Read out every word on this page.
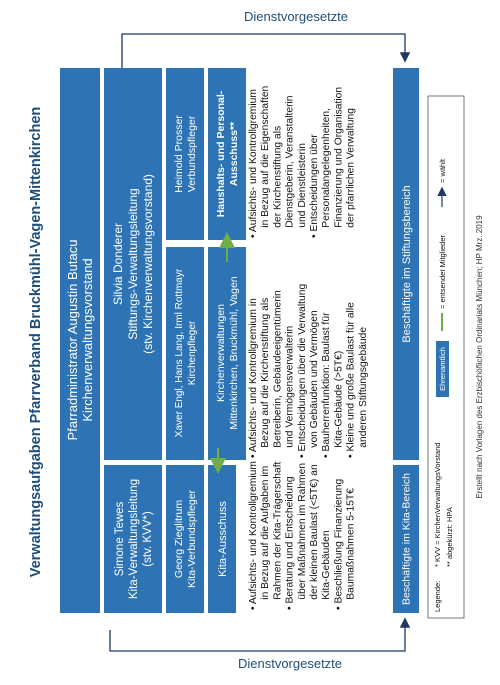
Verwaltungsaufgaben Pfarrverband Bruckmühl-Vagen-Mittenkirchen
Dienstvorgesetzte
Dienstvorgesetzte
Pfarradministrator Augustin ButacuKirchenverwaltungsvorstand
Simone Tewes Kita-Verwaltungsleitung (stv. KVV*)
Silvia DondererStiftungs-Verwaltungsleitung(stv. Kirchenverwaltungsvorstand)
Georg ZieglitrumKita-Verbundspfleger
Xaver Engl, Hans Lang, Irml Rottmayr Kirchenpfleger
Heimold ProsserVerbundspfleger
Kita-Ausschuss
KirchenverwaltungenMittenkirchen, Bruckmühl, Vagen
Haushalts- und Personal-Ausschuss**
• Aufsichts- und Kontrollgremium in Bezug auf die Aufgaben im Rahmen der Kita-Trägerschaft• Beratung und Entscheidung über Maßnahmen im Rahmen der kleinen Baulast (<5T€) an Kita-Gebäuden• Beschließung Finanzierung Baumaßnahmen 5-15T€
• Aufsichts- und Kontrollgremium in Bezug auf die Kirchenstiftung als Betreiberin, Gebäudeeigentümerin und Vermögensverwalterin• Entscheidungen über die Verwaltung von Gebäuden und Vermögen• Bauherrenfunktion: Baulast für Kita-Gebäude (>5T€)• Kleine und große Baulast für alle anderen Stiftungsgebäude
• Aufsichts- und Kontrollgremium in Bezug auf die Eigenschaften der Kirchenstiftung als Dienstgeberin, Veranstalterin und Dienstleisterin• Entscheidungen über Personalangelegenheiten, Finanzierung und Organisation der pfarrlichen Verwaltung
Beschäftigte im Kita-Bereich
Beschäftigte im Stiftungsbereich
Legende:
* KVV = KirchenVerwaltungsVorstand ** abgekürzt: HPA
Ehrenamtlich
= entsendet Mitglieder
= wählt
Erstellt nach Vorlagen des Erzbischöflichen Ordinariats München; HP Mrz. 2019
